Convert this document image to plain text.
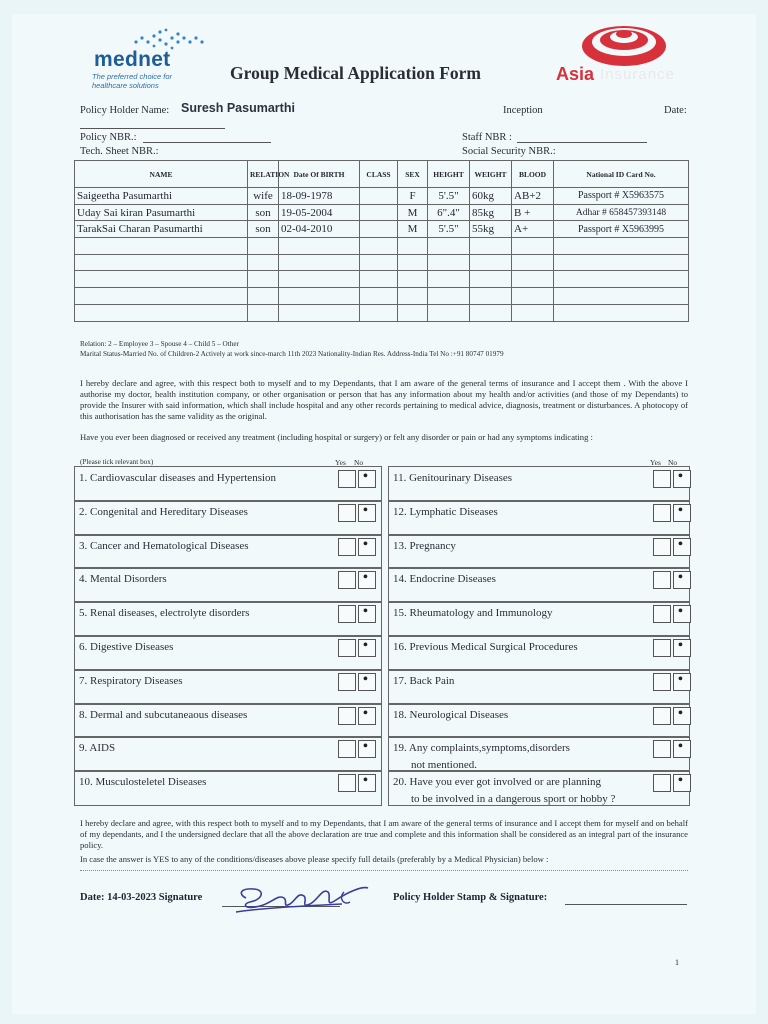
mednet
The preferred choice for healthcare solutions
Group Medical Application Form	Asia Insurance
Policy Holder Name: Suresh Pasumarthi	Inception	Date:
Policy NBR.:	Staff NBR :
Tech. Sheet NBR.:	Social Security NBR.:
NAME	RELATION	Date Of BIRTH	CLASS	SEX	HEIGHT	WEIGHT	BLOOD	National ID Card No.
Saigeetha Pasumarthi	wife	18-09-1978		F	5'.5"	60kg	AB+2	Passport # X5963575
Uday Sai kiran Pasumarthi	son	19-05-2004		M	6".4"	85kg	B +	Adhar # 658457393148
TarakSai Charan Pasumarthi	son	02-04-2010		M	5'.5"	55kg	A+	Passport # X5963995

Relation: 2 – Employee 3 – Spouse 4 – Child 5 – Other
Marital Status-Married No. of Children-2 Actively at work since-march 11th 2023 Nationality-Indian Res. Address-India Tel No :+91 80747 01979
I hereby declare and agree, with this respect both to myself and to my Dependants, that I am aware of the general terms of insurance and I accept them . With the above I authorise my doctor, health institution company, or other organisation or person that has any information about my health and/or activities (and those of my Dependants) to provide the Insurer with said information, which shall include hospital and any other records pertaining to medical advice, diagnosis, treatment or disturbances. A photocopy of this authorisation has the same validity as the original.
Have you ever been diagnosed or received any treatment (including hospital or surgery) or felt any disorder or pain or had any symptoms indicating :
(Please tick relevant box)	Yes No	Yes No
1. Cardiovascular diseases and Hypertension
•
2. Congenital and Hereditary Diseases
•
3. Cancer and Hematological Diseases
•
4. Mental Disorders
•
5. Renal diseases, electrolyte disorders
•
6. Digestive Diseases
•
7. Respiratory Diseases
•
8. Dermal and subcutaneaous diseases
•
9. AIDS
•
10. Musculosteletel Diseases
•
11. Genitourinary Diseases
•
12. Lymphatic Diseases
•
13. Pregnancy
•
14. Endocrine Diseases
•
15. Rheumatology and Immunology
•
16. Previous Medical Surgical Procedures
•
17. Back Pain
•
18. Neurological Diseases
•
19. Any complaints,symptoms,disorders
not mentioned.
•
20. Have you ever got involved or are planning
to be involved in a dangerous sport or hobby ?
•
I hereby declare and agree, with this respect both to myself and to my Dependants, that I am aware of the general terms of insurance and I accept them for myself and on behalf of my dependants, and I the undersigned declare that all the above declaration are true and complete and this information shall be considered as an integral part of the insurance policy.
In case the answer is YES to any of the conditions/diseases above please specify full details (preferably by a Medical Physician) below :
Date: 14-03-2023 Signature	Policy Holder Stamp & Signature:
1
